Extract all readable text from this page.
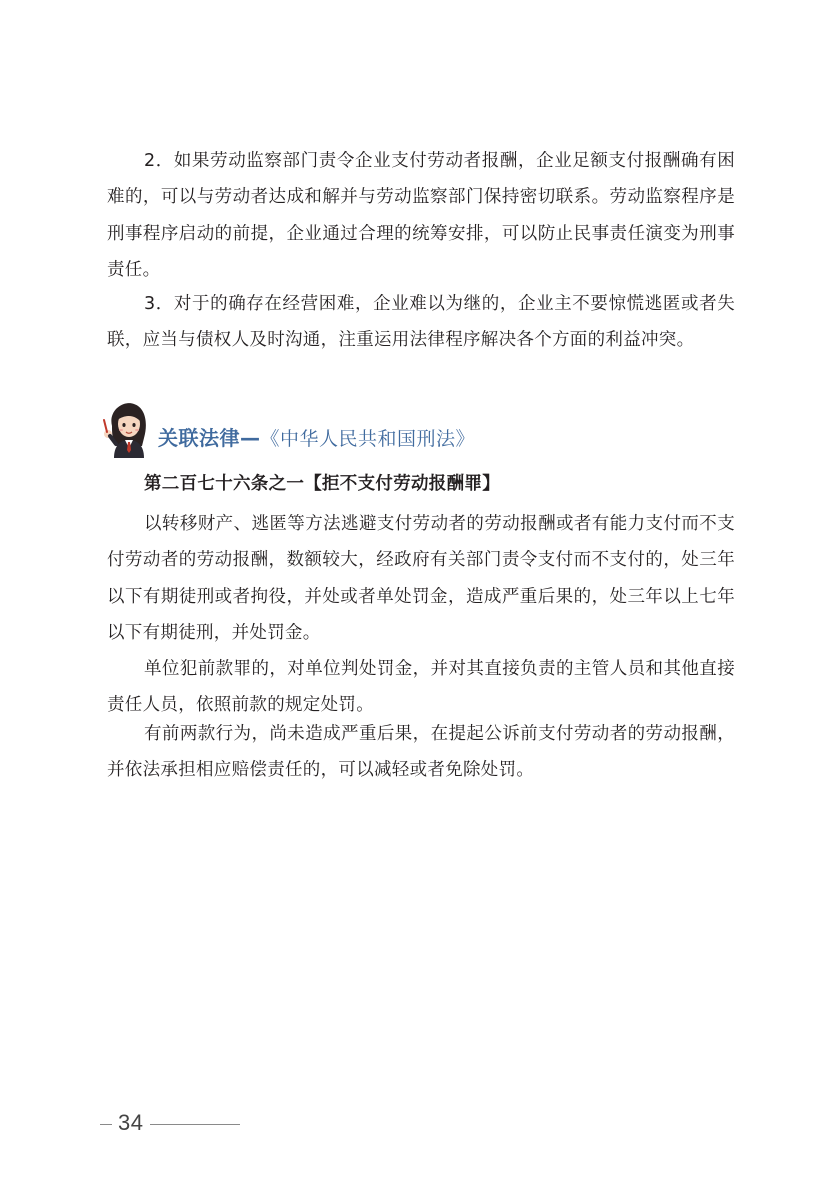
2．如果劳动监察部门责令企业支付劳动者报酬，企业足额支付报酬确有困难的，可以与劳动者达成和解并与劳动监察部门保持密切联系。劳动监察程序是刑事程序启动的前提，企业通过合理的统筹安排，可以防止民事责任演变为刑事责任。

3．对于的确存在经营困难，企业难以为继的，企业主不要惊慌逃匿或者失联，应当与债权人及时沟通，注重运用法律程序解决各个方面的利益冲突。

关联法律—《中华人民共和国刑法》

第二百七十六条之一【拒不支付劳动报酬罪】

以转移财产、逃匿等方法逃避支付劳动者的劳动报酬或者有能力支付而不支付劳动者的劳动报酬，数额较大，经政府有关部门责令支付而不支付的，处三年以下有期徒刑或者拘役，并处或者单处罚金，造成严重后果的，处三年以上七年以下有期徒刑，并处罚金。

单位犯前款罪的，对单位判处罚金，并对其直接负责的主管人员和其他直接责任人员，依照前款的规定处罚。

有前两款行为，尚未造成严重后果，在提起公诉前支付劳动者的劳动报酬，并依法承担相应赔偿责任的，可以减轻或者免除处罚。

34
